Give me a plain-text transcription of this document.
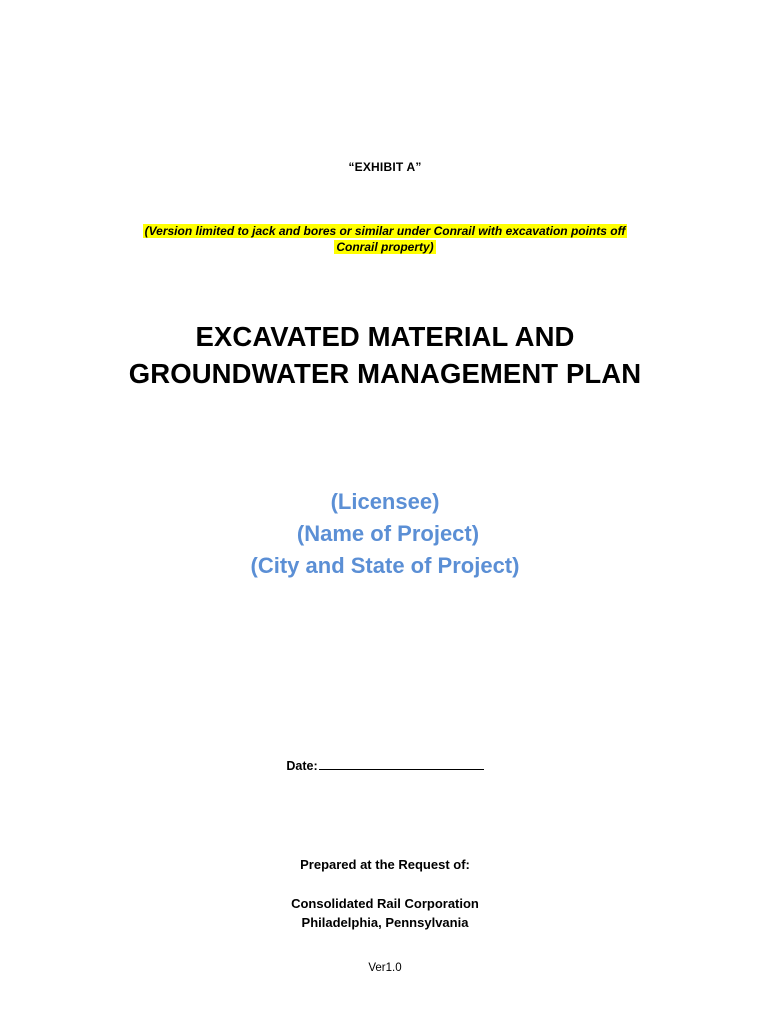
“EXHIBIT A”
(Version limited to jack and bores or similar under Conrail with excavation points off
Conrail property)
EXCAVATED MATERIAL AND
GROUNDWATER MANAGEMENT PLAN
(Licensee)
(Name of Project)
(City and State of Project)
Date:
Prepared at the Request of:
Consolidated Rail Corporation
Philadelphia, Pennsylvania
Ver1.0
